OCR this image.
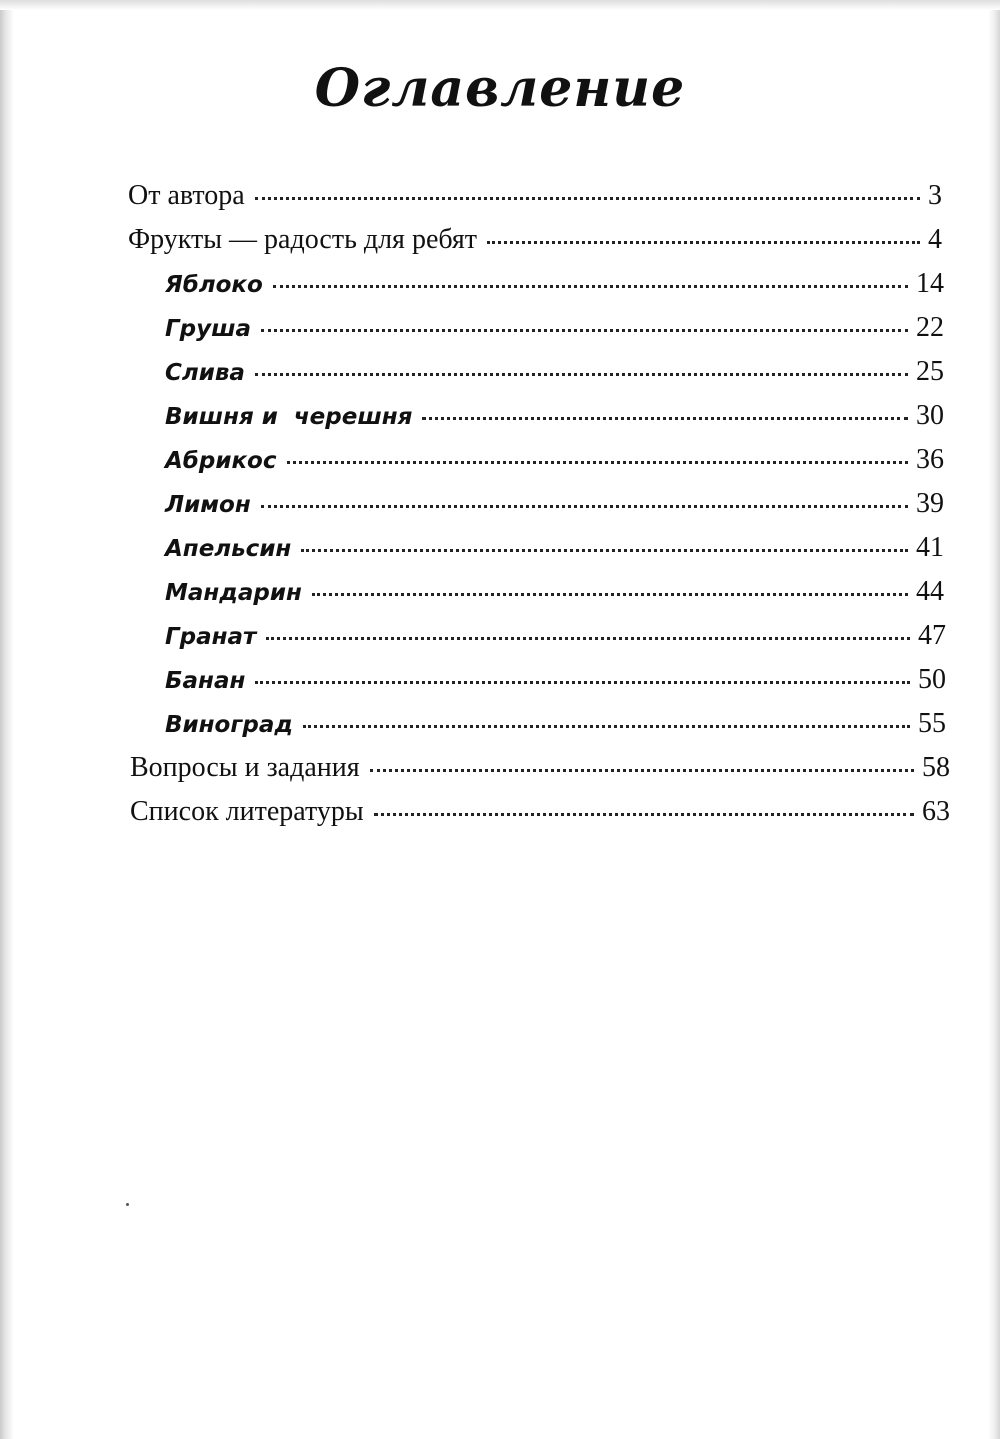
Оглавление
От автора	3
Фрукты — радость для ребят	4
Яблоко	14
Груша	22
Слива	25
Вишня и  черешня	30
Абрикос	36
Лимон	39
Апельсин	41
Мандарин	44
Гранат	47
Банан	50
Виноград	55
Вопросы и задания	58
Список литературы	63
